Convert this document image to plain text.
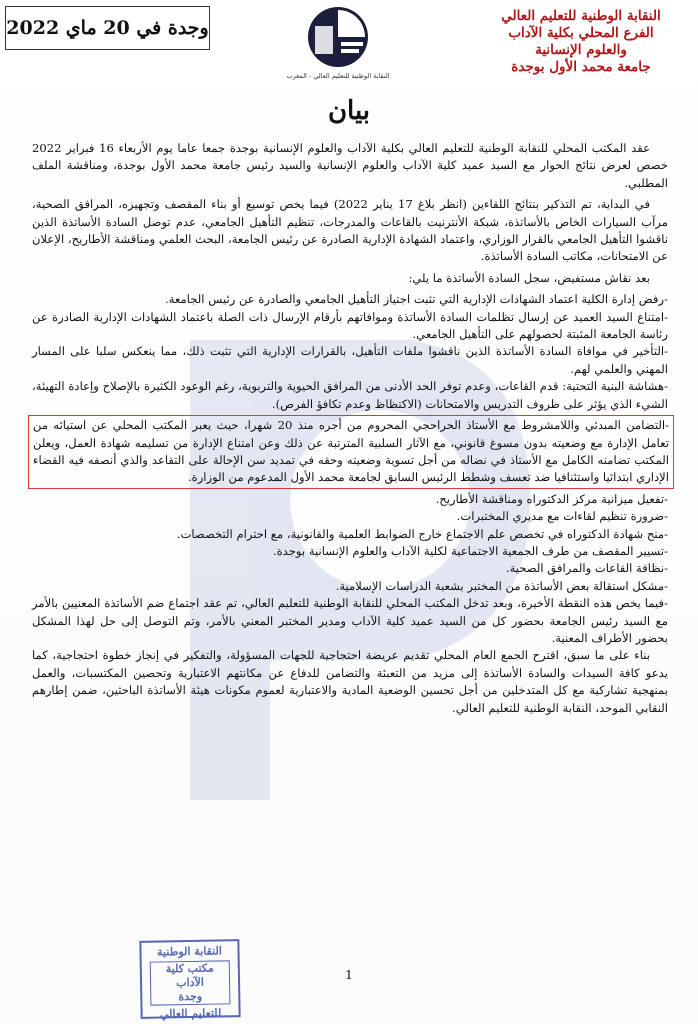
وجدة في 20 ماي 2022
النقابة الوطنية للتعليم العالي - المغرب
النقابة الوطنية للتعليم العالي
الفرع المحلي بكلية الآداب
والعلوم الإنسانية
جامعة محمد الأول بوجدة
بيان

عقد المكتب المحلي للنقابة الوطنية للتعليم العالي بكلية الآداب والعلوم الإنسانية بوجدة جمعا عاما يوم الأربعاء 16 فبراير 2022 خصص لعرض نتائج الحوار مع السيد عميد كلية الآداب والعلوم الإنسانية والسيد رئيس جامعة محمد الأول بوجدة، ومناقشة الملف المطلبي.

في البداية، تم التذكير بنتائج اللقاءين (انظر بلاغ 17 يناير 2022) فيما يخص توسيع أو بناء المقصف وتجهيزه، المرافق الصحية، مرآب السيارات الخاص بالأساتذة، شبكة الأنترنيت بالقاعات والمدرجات، تنظيم التأهيل الجامعي، عدم توصل السادة الأساتذة الذين ناقشوا التأهيل الجامعي بالقرار الوزاري، واعتماد الشهادة الإدارية الصادرة عن رئيس الجامعة، البحث العلمي ومناقشة الأطاريح، الإعلان عن الامتحانات، مكاتب السادة الأساتذة.

بعد نقاش مستفيض، سجل السادة الأساتذة ما يلي:

-رفض إدارة الكلية اعتماد الشهادات الإدارية التي تثبت اجتياز التأهيل الجامعي والصادرة عن رئيس الجامعة.

-امتناع السيد العميد عن إرسال تظلمات السادة الأساتذة وموافاتهم بأرقام الإرسال ذات الصلة باعتماد الشهادات الإدارية الصادرة عن رئاسة الجامعة المثبتة لحصولهم على التأهيل الجامعي.

-التأخير في موافاة السادة الأساتذة الذين ناقشوا ملفات التأهيل، بالقرارات الإدارية التي تثبت ذلك، مما ينعكس سلبا على المسار المهني والعلمي لهم.

-هشاشة البنية التحتية: قدم القاعات، وعدم توفر الحد الأدنى من المرافق الحيوية والتربوية، رغم الوعود الكثيرة بالإصلاح وإعادة التهيئة، الشيء الذي يؤثر على ظروف التدريس والامتحانات (الاكتظاظ وعدم تكافؤ الفرص).

-التضامن المبدئي واللامشروط مع الأستاذ الحراحجي المحروم من أجره منذ 20 شهرا، حيث يعبر المكتب المحلي عن استيائه من تعامل الإدارة مع وضعيته بدون مسوغ قانوني، مع الآثار السلبية المترتبة عن ذلك وعن امتناع الإدارة من تسليمه شهادة العمل، ويعلن المكتب تضامنه الكامل مع الأستاذ في نضاله من أجل تسوية وضعيته وحقه في تمديد سن الإحالة على التقاعد والذي أنصفه فيه القضاء الإداري ابتدائيا واستئنافيا ضد تعسف وشطط الرئيس السابق لجامعة محمد الأول المدعوم من الوزارة.

-تفعيل ميزانية مركز الدكتوراه ومناقشة الأطاريح.

-ضرورة تنظيم لقاءات مع مديري المختبرات.

-منح شهادة الدكتوراه في تخصص علم الاجتماع خارج الضوابط العلمية والقانونية، مع احترام التخصصات.

-تسيير المقصف من طرف الجمعية الاجتماعية لكلية الآداب والعلوم الإنسانية بوجدة.

-نظافة القاعات والمرافق الصحية.

-مشكل استقالة بعض الأساتذة من المختبر بشعبة الدراسات الإسلامية.

-فيما يخص هذه النقطة الأخيرة، وبعد تدخل المكتب المحلي للنقابة الوطنية للتعليم العالي، تم عقد اجتماع ضم الأساتذة المعنيين بالأمر مع السيد رئيس الجامعة بحضور كل من السيد عميد كلية الآداب ومدير المختبر المعني بالأمر، وتم التوصل إلى حل لهذا المشكل بحضور الأطراف المعنية.

بناء على ما سبق، اقترح الجمع العام المحلي تقديم عريضة احتجاجية للجهات المسؤولة، والتفكير في إنجاز خطوة احتجاجية، كما يدعو كافة السيدات والسادة الأساتذة إلى مزيد من التعبئة والتضامن للدفاع عن مكانتهم الاعتبارية وتحصين المكتسبات، والعمل بمنهجية تشاركية مع كل المتدخلين من أجل تحسين الوضعية المادية والاعتبارية لعموم مكونات هيئة الأساتذة الباحثين، ضمن إطارهم النقابي الموحد، النقابة الوطنية للتعليم العالي.

النقابة الوطنية
مكتب كلية الآداب
وجدة
للتعليم العالي
1
